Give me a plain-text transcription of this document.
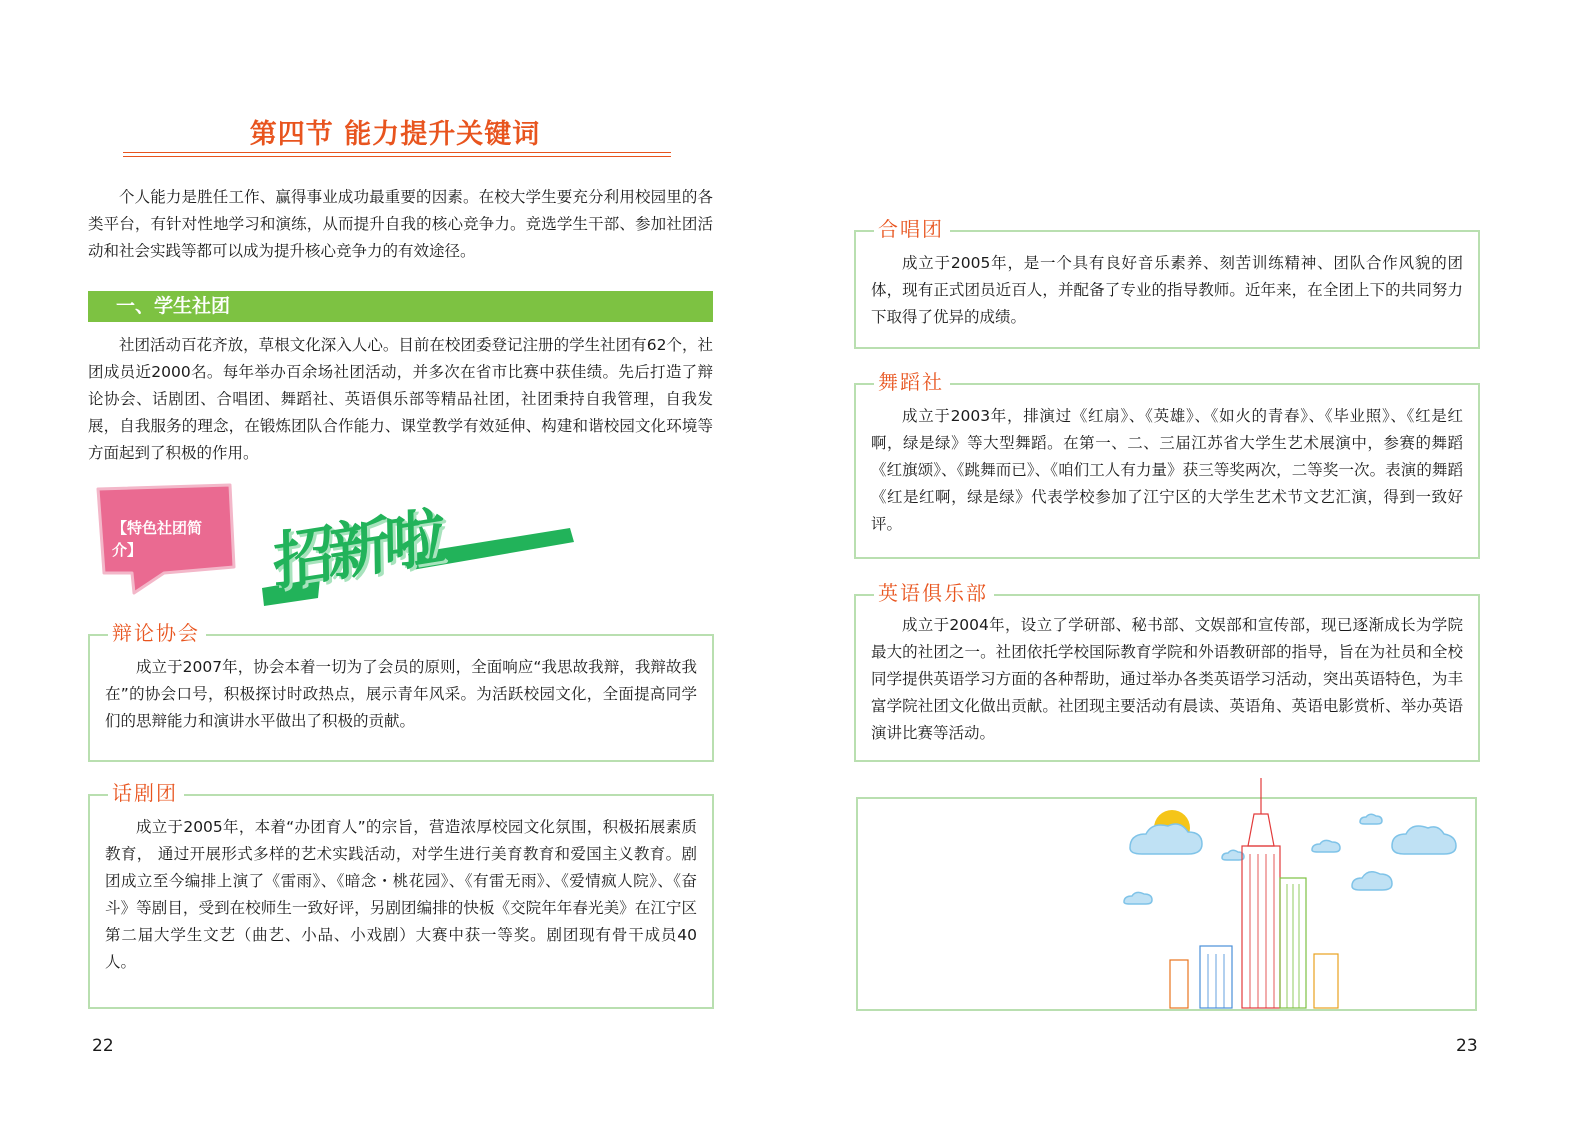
第四节 能力提升关键词

个人能力是胜任工作、赢得事业成功最重要的因素。在校大学生要充分利用校园里的各类平台，有针对性地学习和演练，从而提升自我的核心竞争力。竞选学生干部、参加社团活动和社会实践等都可以成为提升核心竞争力的有效途径。

一、学生社团

社团活动百花齐放，草根文化深入人心。目前在校团委登记注册的学生社团有62个，社团成员近2000名。每年举办百余场社团活动，并多次在省市比赛中获佳绩。先后打造了辩论协会、话剧团、合唱团、舞蹈社、英语俱乐部等精品社团，社团秉持自我管理，自我发展，自我服务的理念，在锻炼团队合作能力、课堂教学有效延伸、构建和谐校园文化环境等方面起到了积极的作用。

【特色社团简介】	招新啦

成立于2007年，协会本着一切为了会员的原则，全面响应“我思故我辩，我辩故我在”的协会口号，积极探讨时政热点，展示青年风采。为活跃校园文化，全面提高同学们的思辩能力和演讲水平做出了积极的贡献。

辩论协会

成立于2005年，本着“办团育人”的宗旨，营造浓厚校园文化氛围，积极拓展素质教育， 通过开展形式多样的艺术实践活动，对学生进行美育教育和爱国主义教育。剧团成立至今编排上演了《雷雨》、《暗念・桃花园》、《有雷无雨》、《爱情疯人院》、《奋斗》等剧目，受到在校师生一致好评，另剧团编排的快板《交院年年春光美》在江宁区第二届大学生文艺（曲艺、小品、小戏剧）大赛中获一等奖。剧团现有骨干成员40人。

话剧团
22

成立于2005年，是一个具有良好音乐素养、刻苦训练精神、团队合作风貌的团体，现有正式团员近百人，并配备了专业的指导教师。近年来，在全团上下的共同努力下取得了优异的成绩。

合唱团

成立于2003年，排演过《红扇》、《英雄》、《如火的青春》、《毕业照》、《红是红啊，绿是绿》等大型舞蹈。在第一、二、三届江苏省大学生艺术展演中，参赛的舞蹈《红旗颂》、《跳舞而已》、《咱们工人有力量》获三等奖两次，二等奖一次。表演的舞蹈《红是红啊，绿是绿》代表学校参加了江宁区的大学生艺术节文艺汇演，得到一致好评。

舞蹈社

成立于2004年，设立了学研部、秘书部、文娱部和宣传部，现已逐渐成长为学院最大的社团之一。社团依托学校国际教育学院和外语教研部的指导，旨在为社员和全校同学提供英语学习方面的各种帮助，通过举办各类英语学习活动，突出英语特色，为丰富学院社团文化做出贡献。社团现主要活动有晨读、英语角、英语电影赏析、举办英语演讲比赛等活动。

英语俱乐部
23
